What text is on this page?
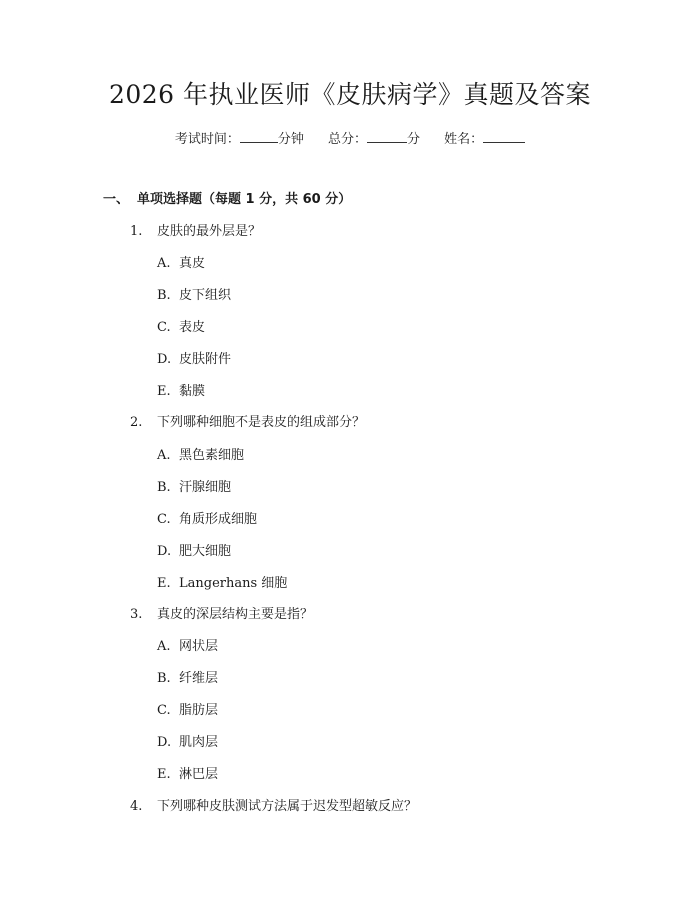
2026 年执业医师《皮肤病学》真题及答案
考试时间：	分钟 总分：	分 姓名：
一、 单项选择题（每题 1 分，共 60 分）
1. 皮肤的最外层是？
A. 真皮
B. 皮下组织
C. 表皮
D. 皮肤附件
E. 黏膜
2. 下列哪种细胞不是表皮的组成部分？
A. 黑色素细胞
B. 汗腺细胞
C. 角质形成细胞
D. 肥大细胞
E. Langerhans 细胞
3. 真皮的深层结构主要是指？
A. 网状层
B. 纤维层
C. 脂肪层
D. 肌肉层
E. 淋巴层
4. 下列哪种皮肤测试方法属于迟发型超敏反应？
